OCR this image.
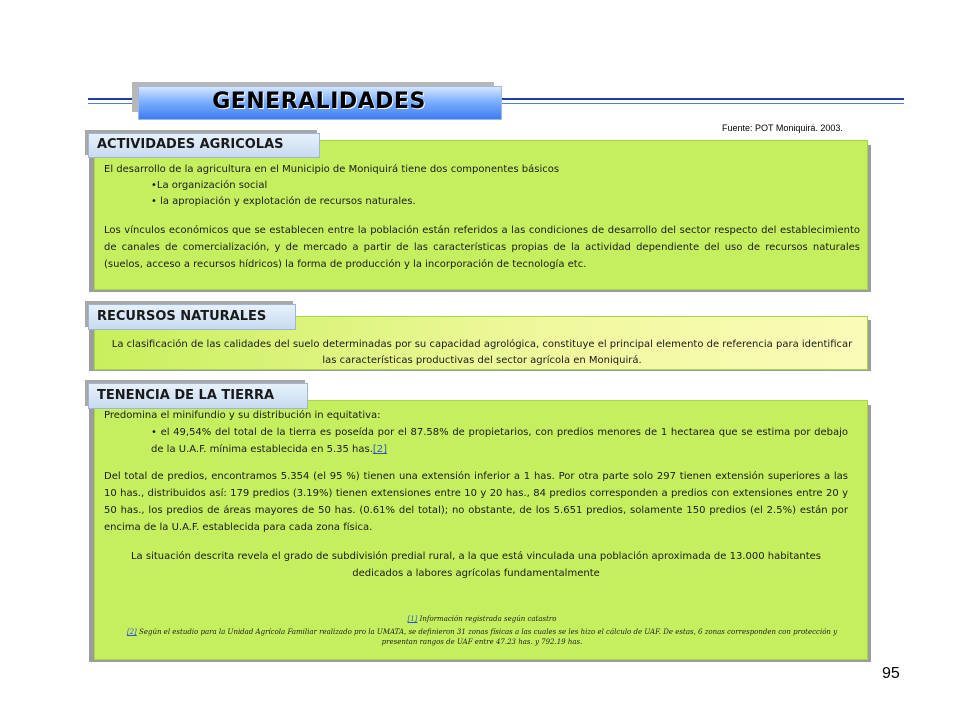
GENERALIDADES
Fuente: POT Moniquirá. 2003.
ACTIVIDADES AGRICOLAS

El desarrollo de la agricultura en el Municipio de Moniquirá tiene dos componentes básicos

•La organización social

• la apropiación y explotación de recursos naturales.

Los vínculos económicos que se establecen entre la población están referidos a las condiciones de desarrollo del sector respecto del establecimiento de canales de comercialización, y de mercado a partir de las características propias de la actividad dependiente del uso de recursos naturales (suelos, acceso a recursos hídricos) la forma de producción y la incorporación de tecnología etc.

RECURSOS NATURALES
La clasificación de las calidades del suelo determinadas por su capacidad agrológica, constituye el principal elemento de referencia para identificar las características productivas del sector agrícola en Moniquirá.
TENENCIA DE LA TIERRA

Predomina el minifundio y su distribución in equitativa:

• el 49,54% del total de la tierra es poseída por el 87.58% de propietarios, con predios menores de 1 hectarea que se estima por debajo de la U.A.F. mínima establecida en 5.35 has.[2]

Del total de predios, encontramos 5.354 (el 95 %) tienen una extensión inferior a 1 has. Por otra parte solo 297 tienen extensión superiores a las 10 has., distribuidos así: 179 predios (3.19%) tienen extensiones entre 10 y 20 has., 84 predios corresponden a predios con extensiones entre 20 y 50 has., los predios de áreas mayores de 50 has. (0.61% del total); no obstante, de los 5.651 predios, solamente 150 predios (el 2.5%) están por encima de la U.A.F. establecida para cada zona física.

La situación descrita revela el grado de subdivisión predial rural, a la que está vinculada una población aproximada de 13.000 habitantes dedicados a labores agrícolas fundamentalmente

[1] Información registrada según catastro
[2] Según el estudio para la Unidad Agrícola Familiar realizado pro la UMATA, se definieron 31 zonas físicas a las cuales se les hizo el cálculo de UAF. De estas, 6 zonas corresponden con protección y presentan rangos de UAF entre 47.23 has. y 792.19 has.
95
